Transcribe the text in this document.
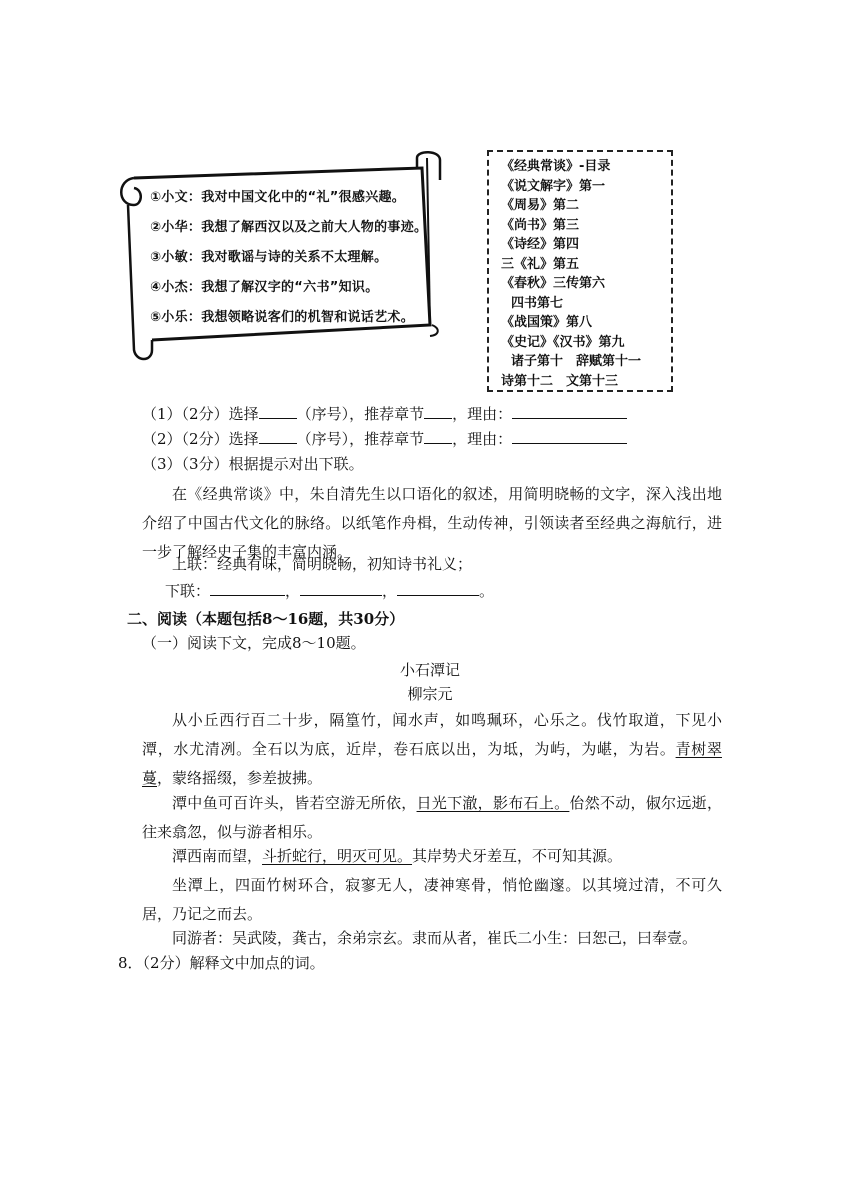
①小文：我对中国文化中的“礼”很感兴趣。
②小华：我想了解西汉以及之前大人物的事迹。
③小敏：我对歌谣与诗的关系不太理解。
④小杰：我想了解汉字的“六书”知识。
⑤小乐：我想领略说客们的机智和说话艺术。
《经典常谈》-目录
《说文解字》第一
《周易》第二
《尚书》第三
《诗经》第四
三《礼》第五
《春秋》三传第六
四书第七
《战国策》第八
《史记》《汉书》第九
诸子第十　辞赋第十一
诗第十二　文第十三
（1）（2分）选择	（序号），推荐章节 ，理由：
（2）（2分）选择	（序号），推荐章节 ，理由：
（3）（3分）根据提示对出下联。
在《经典常谈》中，朱自清先生以口语化的叙述，用简明晓畅的文字，深入浅出地介绍了中国古代文化的脉络。以纸笔作舟楫，生动传神，引领读者至经典之海航行，进一步了解经史子集的丰富内涵。
上联：经典有味，简明晓畅，初知诗书礼义；
下联：	，	，	。
二、阅读（本题包括8～16题，共30分）
（一）阅读下文，完成8～10题。
小石潭记
柳宗元
从小丘西行百二十步，隔篁竹，闻水声，如鸣珮环，心乐之。伐竹取道，下见小潭，水尤清冽。全石以为底，近岸，卷石底以出，为坻，为屿，为嵁，为岩。青树翠蔓，蒙络摇缀，参差披拂。
潭中鱼可百许头，皆若空游无所依，日光下澈，影布石上。佁然不动，俶尔远逝，往来翕忽，似与游者相乐。
潭西南而望，斗折蛇行，明灭可见。其岸势犬牙差互，不可知其源。
坐潭上，四面竹树环合，寂寥无人，凄神寒骨，悄怆幽邃。以其境过清，不可久居，乃记之而去。
同游者：吴武陵，龚古，余弟宗玄。隶而从者，崔氏二小生：曰恕己，曰奉壹。
8．（2分）解释文中加点的词。
